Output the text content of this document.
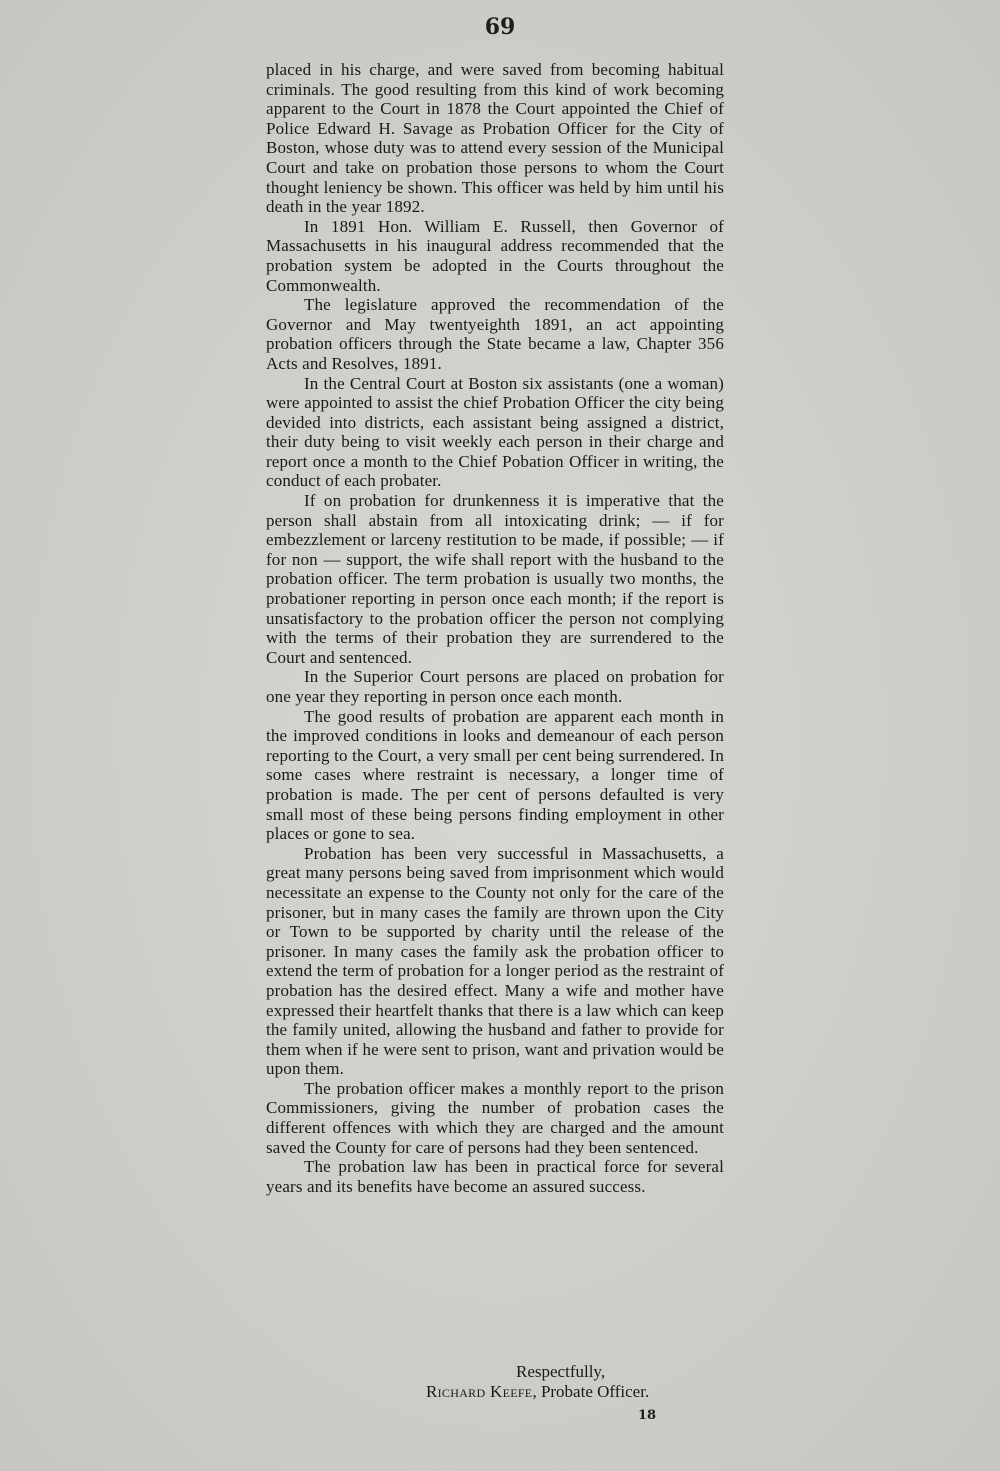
69

placed in his charge, and were saved from becoming habitual criminals. The good resulting from this kind of work becoming apparent to the Court in 1878 the Court appointed the Chief of Police Edward H. Savage as Probation Officer for the City of Boston, whose duty was to attend every session of the Municipal Court and take on probation those persons to whom the Court thought leniency be shown. This officer was held by him until his death in the year 1892.

In 1891 Hon. William E. Russell, then Governor of Massachusetts in his inaugural address recommended that the probation system be adopted in the Courts throughout the Commonwealth.

The legislature approved the recommendation of the Governor and May twentyeighth 1891, an act appointing probation officers through the State became a law, Chapter 356 Acts and Resolves, 1891.

In the Central Court at Boston six assistants (one a woman) were appointed to assist the chief Probation Officer the city being devided into districts, each assistant being assigned a district, their duty being to visit weekly each person in their charge and report once a month to the Chief Pobation Officer in writing, the conduct of each probater.

If on probation for drunkenness it is imperative that the person shall abstain from all intoxicating drink; — if for embezzlement or larceny restitution to be made, if possible; — if for non — support, the wife shall report with the husband to the probation officer. The term probation is usually two months, the probationer reporting in person once each month; if the report is unsatisfactory to the probation officer the person not complying with the terms of their probation they are surrendered to the Court and sentenced.

In the Superior Court persons are placed on probation for one year they reporting in person once each month.

The good results of probation are apparent each month in the improved conditions in looks and demeanour of each person reporting to the Court, a very small per cent being surrendered. In some cases where restraint is necessary, a longer time of probation is made. The per cent of persons defaulted is very small most of these being persons finding employment in other places or gone to sea.

Probation has been very successful in Massachusetts, a great many persons being saved from imprisonment which would necessitate an expense to the County not only for the care of the prisoner, but in many cases the family are thrown upon the City or Town to be supported by charity until the release of the prisoner. In many cases the family ask the probation officer to extend the term of probation for a longer period as the restraint of probation has the desired effect. Many a wife and mother have expressed their heartfelt thanks that there is a law which can keep the family united, allowing the husband and father to provide for them when if he were sent to prison, want and privation would be upon them.

The probation officer makes a monthly report to the prison Commissioners, giving the number of probation cases the different offences with which they are charged and the amount saved the County for care of persons had they been sentenced.

The probation law has been in practical force for several years and its benefits have become an assured success.

Respectfully,
Richard Keefe, Probate Officer.
18
